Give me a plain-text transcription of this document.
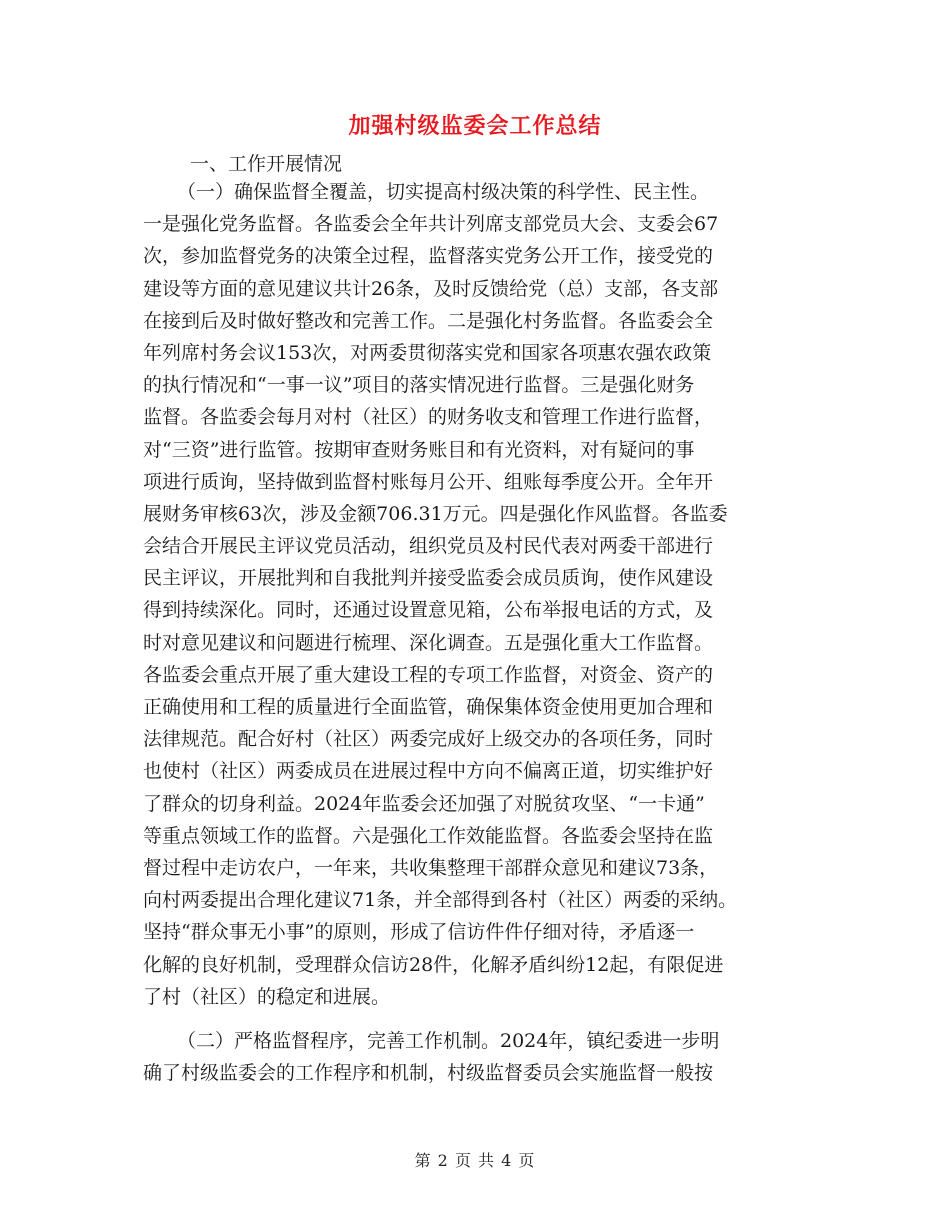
加强村级监委会工作总结
一、工作开展情况
（一）确保监督全覆盖，切实提高村级决策的科学性、民主性。
一是强化党务监督。各监委会全年共计列席支部党员大会、支委会67
次，参加监督党务的决策全过程，监督落实党务公开工作，接受党的
建设等方面的意见建议共计26条，及时反馈给党（总）支部，各支部
在接到后及时做好整改和完善工作。二是强化村务监督。各监委会全
年列席村务会议153次，对两委贯彻落实党和国家各项惠农强农政策
的执行情况和“一事一议”项目的落实情况进行监督。三是强化财务
监督。各监委会每月对村（社区）的财务收支和管理工作进行监督，
对“三资”进行监管。按期审查财务账目和有光资料，对有疑问的事
项进行质询，坚持做到监督村账每月公开、组账每季度公开。全年开
展财务审核63次，涉及金额706.31万元。四是强化作风监督。各监委
会结合开展民主评议党员活动，组织党员及村民代表对两委干部进行
民主评议，开展批判和自我批判并接受监委会成员质询，使作风建设
得到持续深化。同时，还通过设置意见箱，公布举报电话的方式，及
时对意见建议和问题进行梳理、深化调查。五是强化重大工作监督。
各监委会重点开展了重大建设工程的专项工作监督，对资金、资产的
正确使用和工程的质量进行全面监管，确保集体资金使用更加合理和
法律规范。配合好村（社区）两委完成好上级交办的各项任务，同时
也使村（社区）两委成员在进展过程中方向不偏离正道，切实维护好
了群众的切身利益。2024年监委会还加强了对脱贫攻坚、“一卡通”
等重点领域工作的监督。六是强化工作效能监督。各监委会坚持在监
督过程中走访农户，一年来，共收集整理干部群众意见和建议73条，
向村两委提出合理化建议71条，并全部得到各村（社区）两委的采纳。
坚持“群众事无小事”的原则，形成了信访件件仔细对待，矛盾逐一
化解的良好机制，受理群众信访28件，化解矛盾纠纷12起，有限促进
了村（社区）的稳定和进展。
（二）严格监督程序，完善工作机制。2024年，镇纪委进一步明
确了村级监委会的工作程序和机制，村级监督委员会实施监督一般按
第 2 页 共 4 页
